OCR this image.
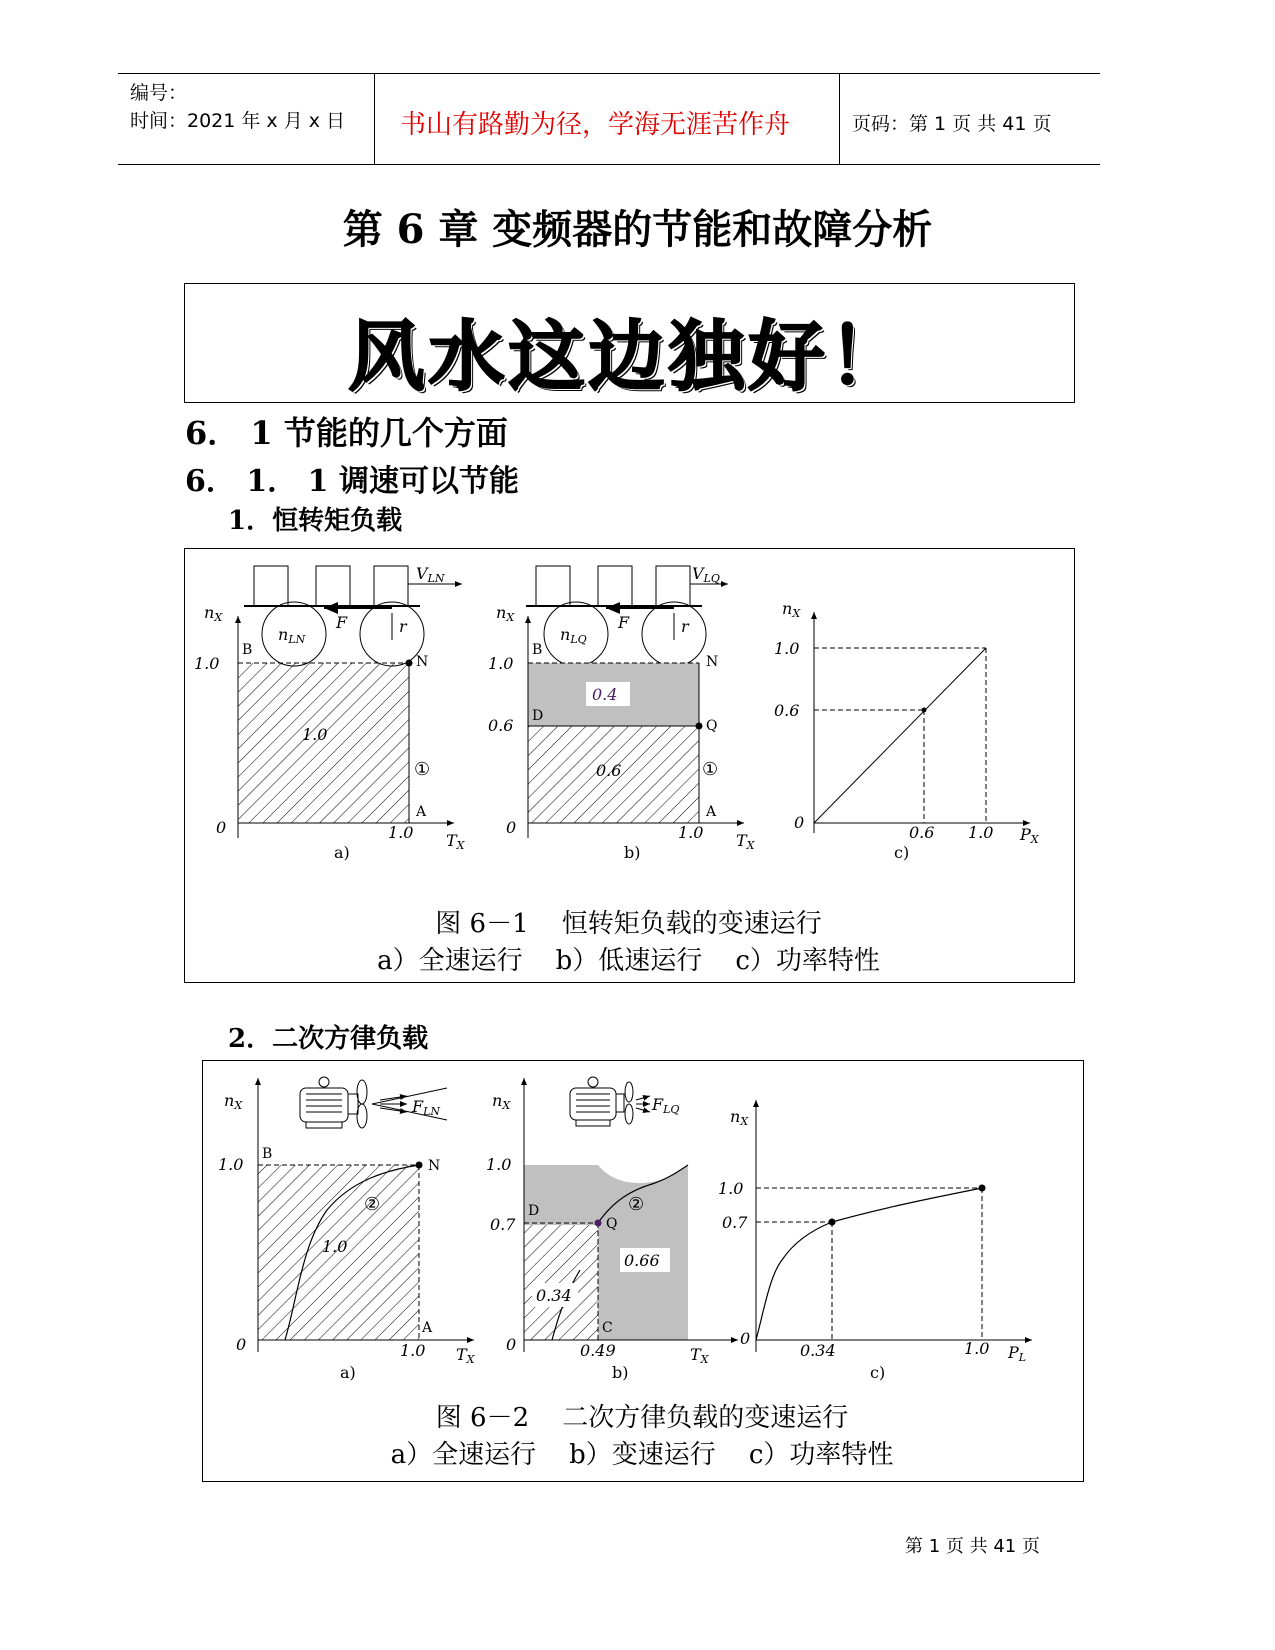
编号：
时间：2021 年 x 月 x 日 书山有路勤为径，学海无涯苦作舟	页码：第 1 页 共 41 页
第 6 章 变频器的节能和故障分析
风水这边独好！
6． 1 节能的几个方面
6． 1． 1 调速可以节能
1．恒转矩负载
VLN
nLN
F	r
nX
1.0
B
N
A
1.0
①
0	1.0 TX
a)
VLQ
nLQ
F	r
nX
1.0
0.6
B
N
D
Q
A
0.4
0.6	①
0	1.0 TX
b)
nX
1.0
0.6
0
0.6 1.0 PX
c)
图 6－1    恒转矩负载的变速运行
a）全速运行    b）低速运行    c）功率特性
2．二次方律负载
FLN
nX
1.0
B
N
A
1.0
②
0	1.0 TX
a)
FLQ
nX
1.0
0.7
D
Q
C
②
0.34
0.66
0	0.49	TX
b)
nX
1.0
0.7
0
0.34	1.0 PL
c)
图 6－2    二次方律负载的变速运行
a）全速运行    b）变速运行    c）功率特性
第 1 页 共 41 页
